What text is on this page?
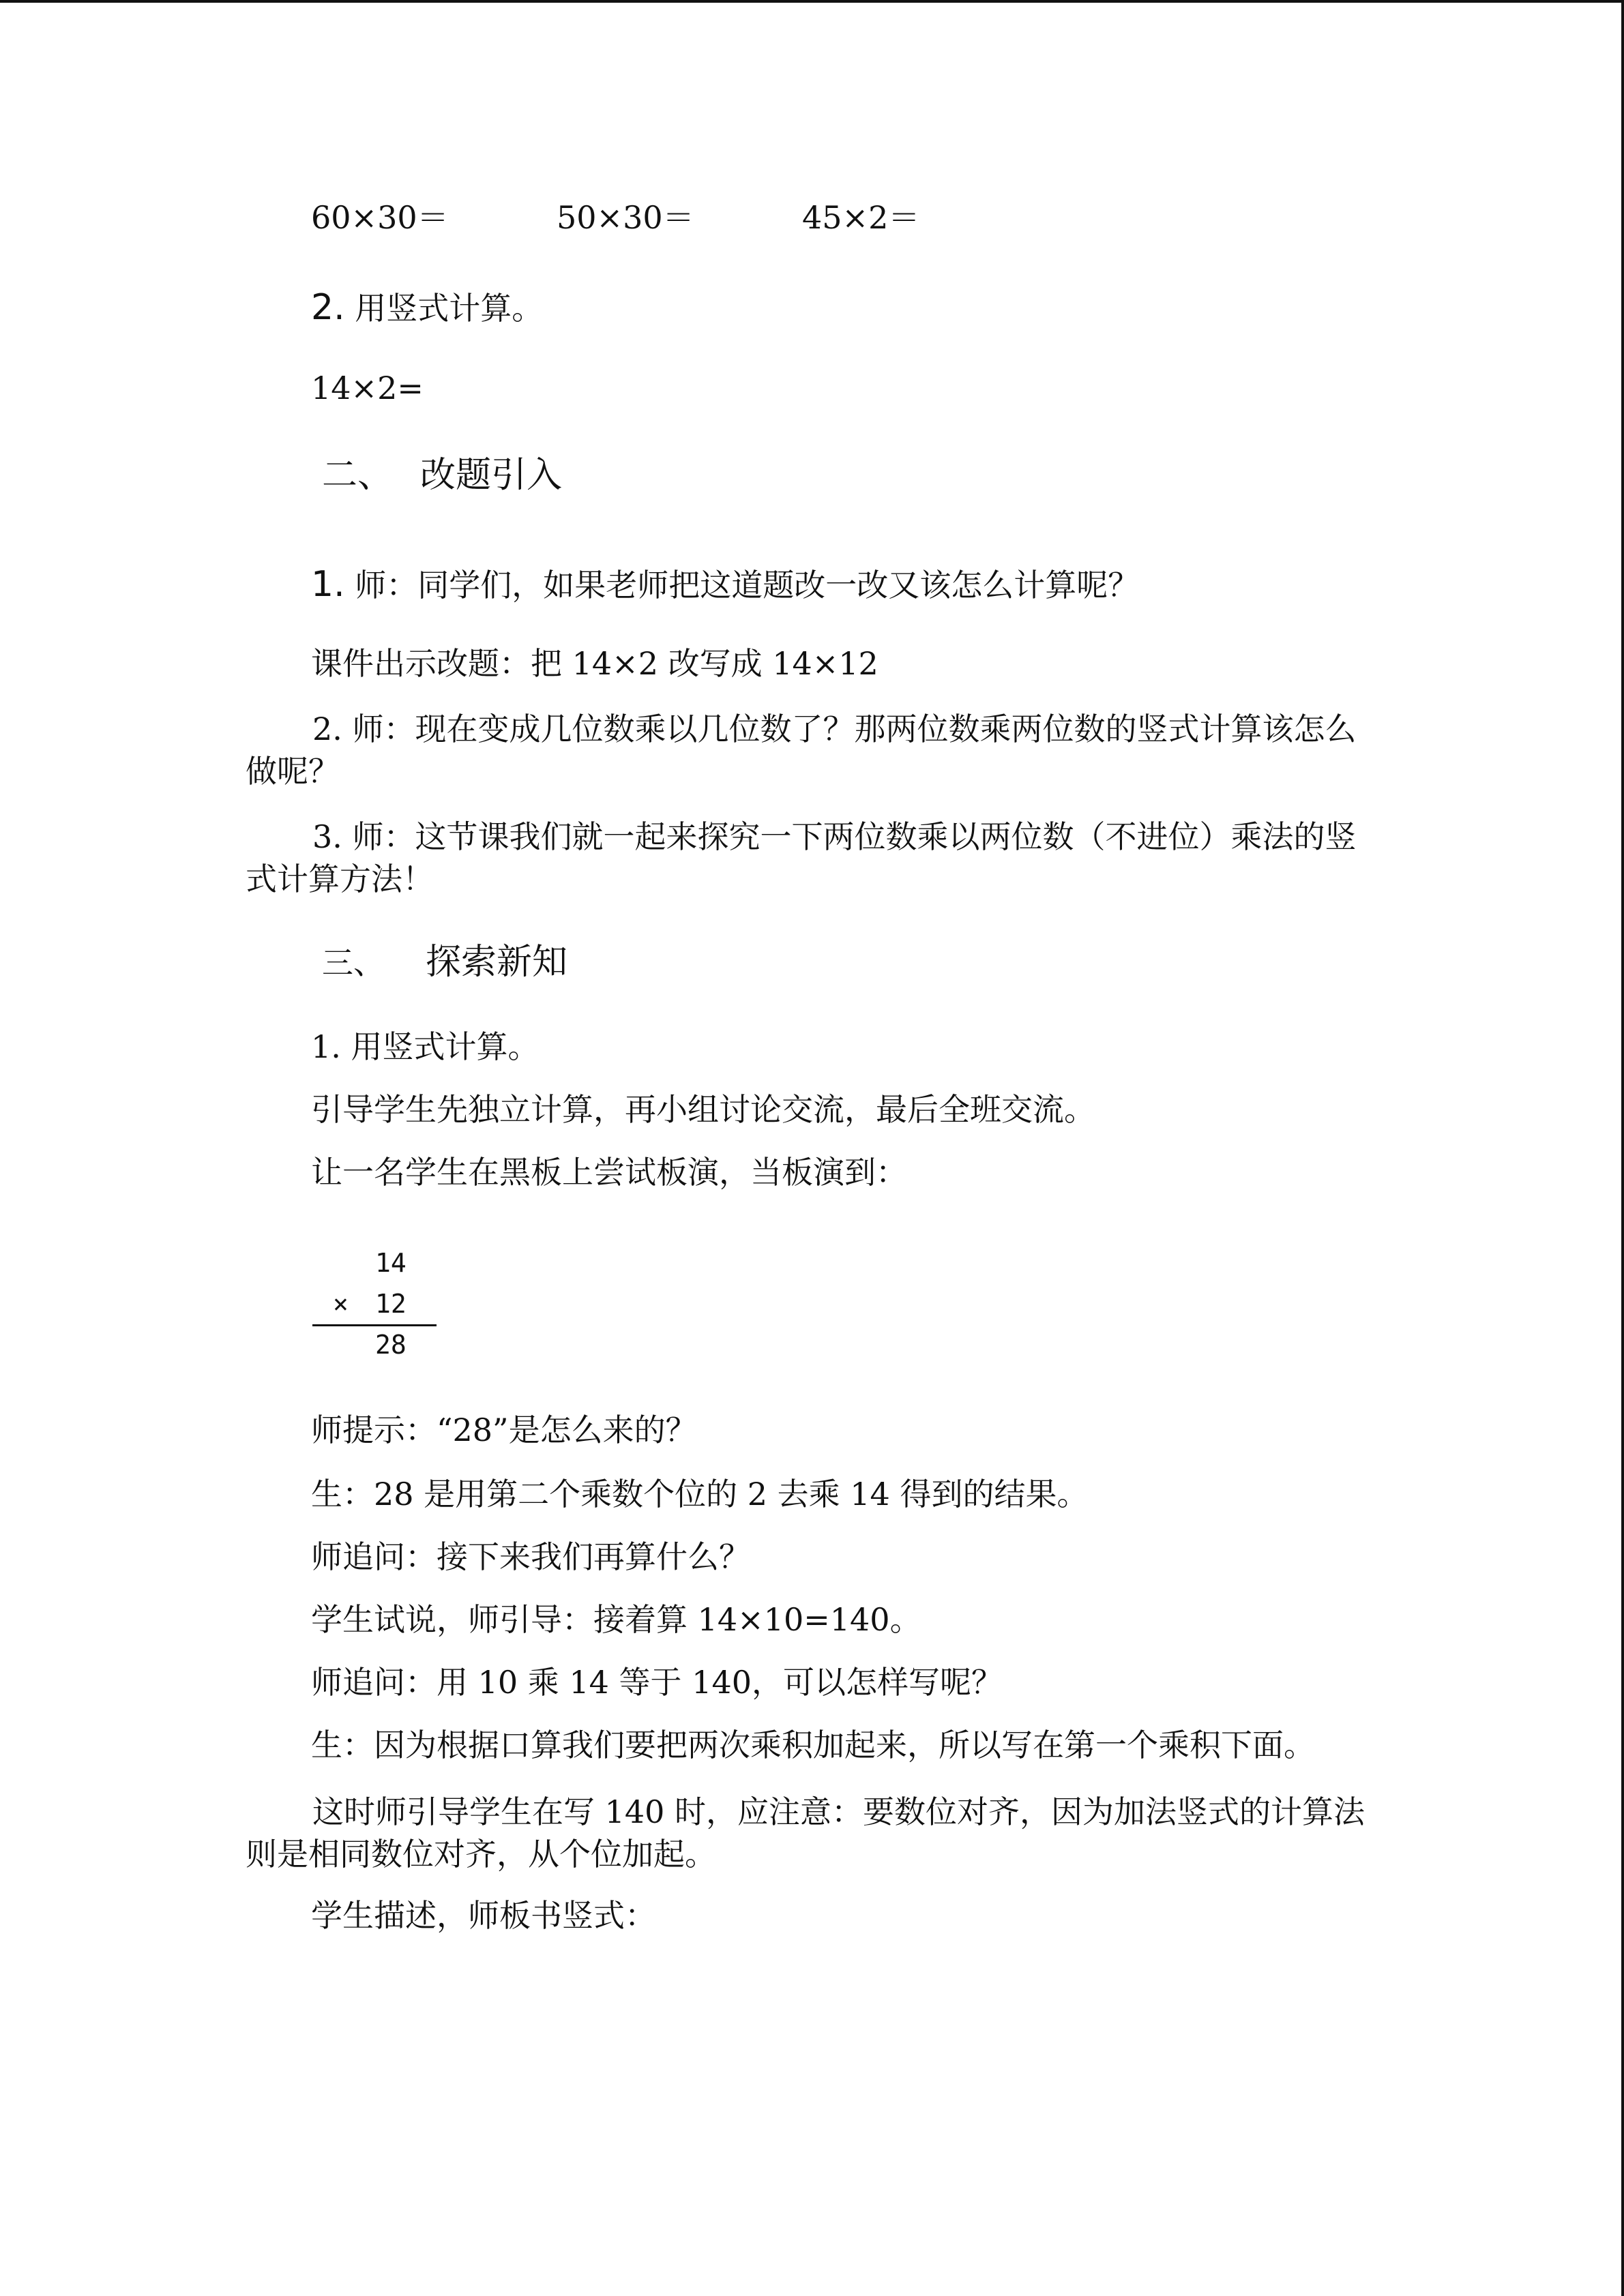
60×30＝	50×30＝	45×2＝
2. 用竖式计算。
14×2=
二、 改题引入
1. 师：同学们，如果老师把这道题改一改又该怎么计算呢？
课件出示改题：把 14×2 改写成 14×12
2. 师：现在变成几位数乘以几位数了？那两位数乘两位数的竖式计算该怎么做呢？
3. 师：这节课我们就一起来探究一下两位数乘以两位数（不进位）乘法的竖式计算方法！
三、 探索新知
1. 用竖式计算。
引导学生先独立计算，再小组讨论交流，最后全班交流。
让一名学生在黑板上尝试板演，当板演到：
14
× 12
28
师提示：“28”是怎么来的？
生：28 是用第二个乘数个位的 2 去乘 14 得到的结果。
师追问：接下来我们再算什么？
学生试说，师引导：接着算 14×10=140。
师追问：用 10 乘 14 等于 140，可以怎样写呢？
生：因为根据口算我们要把两次乘积加起来，所以写在第一个乘积下面。
这时师引导学生在写 140 时，应注意：要数位对齐，因为加法竖式的计算法则是相同数位对齐，从个位加起。
学生描述，师板书竖式：
